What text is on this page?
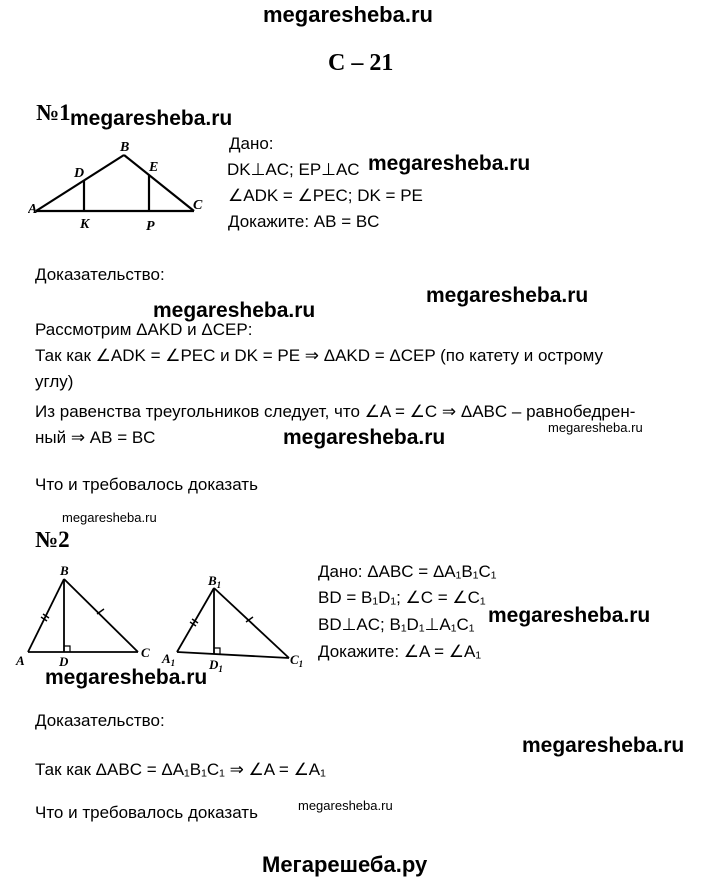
megaresheba.ru
С – 21
№1 megaresheba.ru
B
D	E
A	C
K	P
Дано:
DK⊥AC; EP⊥AC megaresheba.ru
∠ADK = ∠PEC; DK = PE
Докажите: AB = BC
Доказательство:
megaresheba.ru
megaresheba.ru
Рассмотрим ΔAKD и ΔCEP:
Так как ∠ADK = ∠PEC и DK = PE ⇒ ΔAKD = ΔCEP (по катету и острому
углу)
Из равенства треугольников следует, что ∠A = ∠C ⇒ ΔABC – равнобедрен-
ный ⇒ AB = BC	megaresheba.ru	megaresheba.ru
Что и требовалось доказать
megaresheba.ru
№2
B
A	D
C
$B_1$
$A_1$	$D_1$
$C_1$
Дано: ΔABC = ΔA₁B₁C₁
BD = B₁D₁; ∠C = ∠C₁
megaresheba.ru
BD⊥AC; B₁D₁⊥A₁C₁
Докажите: ∠A = ∠A₁
megaresheba.ru
Доказательство:
megaresheba.ru
Так как ΔABC = ΔA₁B₁C₁ ⇒ ∠A = ∠A₁
megaresheba.ru
Что и требовалось доказать
Мегарешеба.ру
